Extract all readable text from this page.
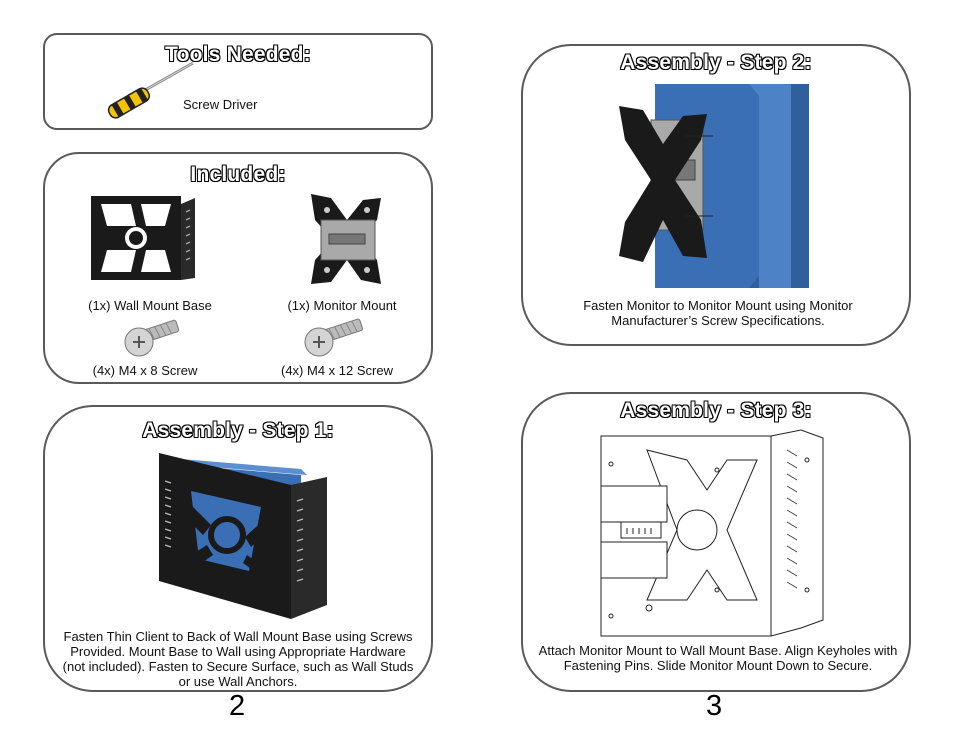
Tools Needed:
Screw Driver
Included:
(1x) Wall Mount Base	(1x) Monitor Mount
(4x) M4 x 8 Screw	(4x) M4 x 12 Screw
Assembly - Step 1:
Fasten Thin Client to Back of Wall Mount Base using Screws Provided. Mount Base to Wall using Appropriate Hardware (not included). Fasten to Secure Surface, such as Wall Studs or use Wall Anchors.
2
Assembly - Step 2:
Fasten Monitor to Monitor Mount using Monitor Manufacturer’s Screw Specifications.
Assembly - Step 3:
Attach Monitor Mount to Wall Mount Base. Align Keyholes with Fastening Pins. Slide Monitor Mount Down to Secure.
3
